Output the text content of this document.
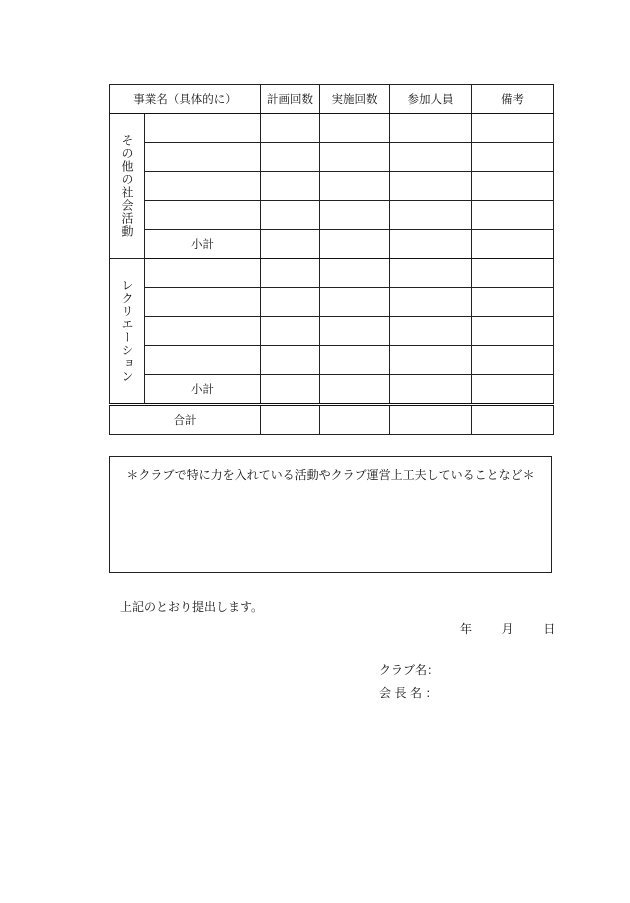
事業名（具体的に）		計画回数	実施回数	参加人員	備考

その他の社会活動					

	小計				

レクリエーション					

	小計				
合計					
＊クラブで特に力を入れている活動やクラブ運営上工夫していることなど＊
上記のとおり提出します。
年 月 日
クラブ名：
会長名：
